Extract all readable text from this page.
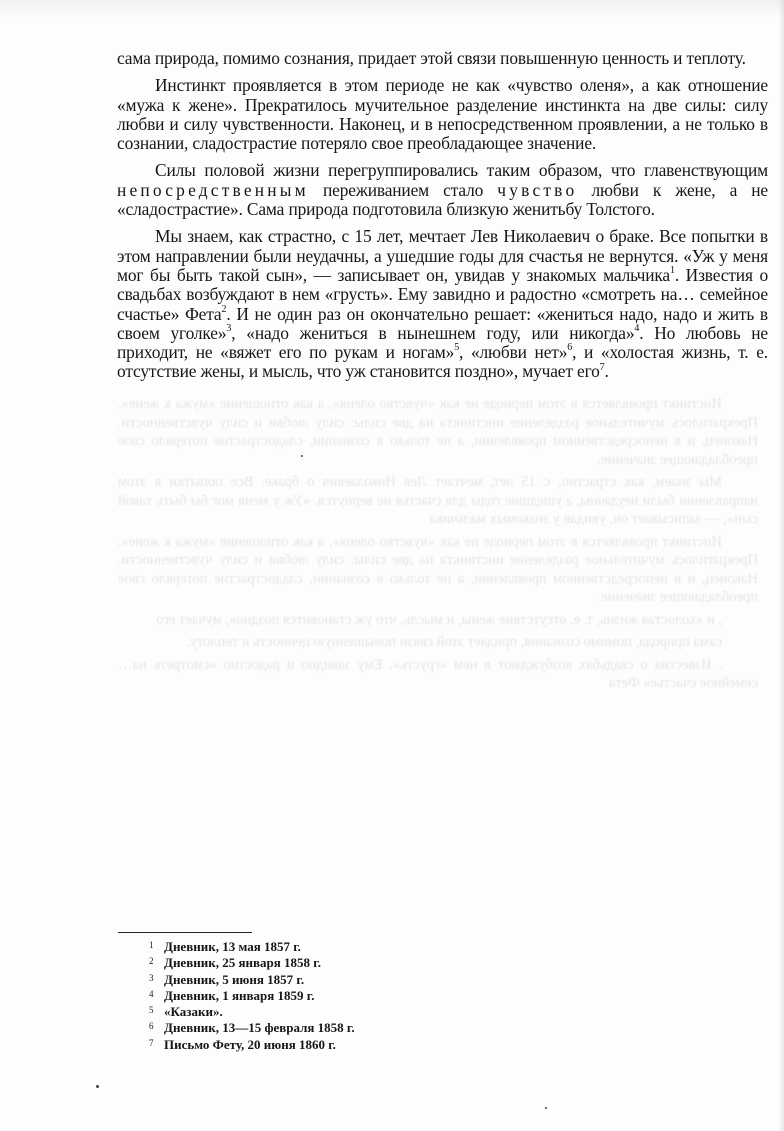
Инстинкт проявляется в этом периоде не как «чувство оленя», а как отношение «мужа к жене». Прекратилось мучительное разделение инстинкта на две силы: силу любви и силу чувственности. Наконец, и в непосредственном проявлении, а не только в сознании, сладострастие потеряло свое преобладающее значение.

Мы знаем, как страстно, с 15 лет, мечтает Лев Николаевич о браке. Все попытки в этом направлении были неудачны, а ушедшие годы для счастья не вернутся. «Уж у меня мог бы быть такой сын», — записывает он, увидав у знакомых мальчика

Инстинкт проявляется в этом периоде не как «чувство оленя», а как отношение «мужа к жене». Прекратилось мучительное разделение инстинкта на две силы: силу любви и силу чувственности. Наконец, и в непосредственном проявлении, а не только в сознании, сладострастие потеряло свое преобладающее значение.

, и «холостая жизнь, т. е. отсутствие жены, и мысль, что уж становится поздно», мучает его

сама природа, помимо сознания, придает этой связи повышенную ценность и теплоту.

. Известия о свадьбах возбуждают в нем «грусть». Ему завидно и радостно «смотреть на… семейное счастье» Фета

сама природа, помимо сознания, придает этой связи повышенную ценность и теплоту.

Инстинкт проявляется в этом периоде не как «чувство оленя», а как отношение «мужа к жене». Прекратилось мучительное разделение инстинкта на две силы: силу любви и силу чувственности. Наконец, и в непосредственном проявлении, а не только в сознании, сладострастие потеряло свое преобладающее значение.

Силы половой жизни перегруппировались таким образом, что главенствующим непосредственным переживанием стало чувство любви к жене, а не «сладострастие». Сама природа подготовила близкую женитьбу Толстого.

Мы знаем, как страстно, с 15 лет, мечтает Лев Николаевич о браке. Все попытки в этом направлении были неудачны, а ушедшие годы для счастья не вернутся. «Уж у меня мог бы быть такой сын», — записывает он, увидав у знакомых мальчика$^1$. Известия о свадьбах возбуждают в нем «грусть». Ему завидно и радостно «смотреть на… семейное счастье» Фета$^2$. И не один раз он окончательно решает: «жениться надо, надо и жить в своем уголке»$^3$, «надо жениться в нынешнем году, или никогда»$^4$. Но любовь не приходит, не «вяжет его по рукам и ногам»$^5$, «любви нет»$^6$, и «холостая жизнь, т. е. отсутствие жены, и мысль, что уж становится поздно», мучает его$^7$.

1 Дневник, 13 мая 1857 г.
2 Дневник, 25 января 1858 г.
3 Дневник, 5 июня 1857 г.
4 Дневник, 1 января 1859 г.
5 «Казаки».
6 Дневник, 13—15 февраля 1858 г.
7 Письмо Фету, 20 июня 1860 г.
